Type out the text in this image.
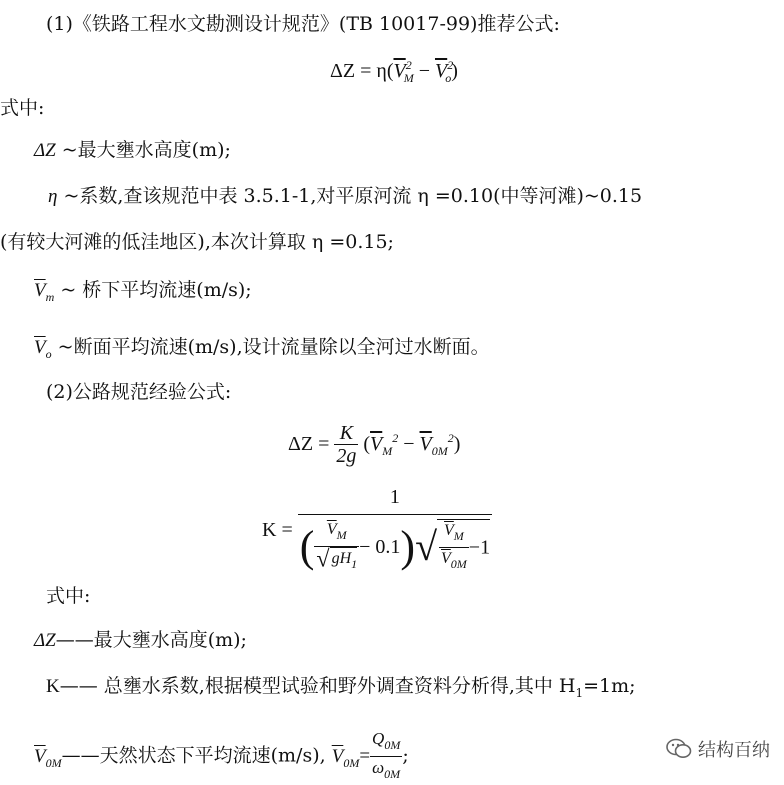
(1)《铁路工程水文勘测设计规范》(TB 10017-99)推荐公式:
$\Delta Z = \eta(\overline{V}^2_M - \overline{V}^2_o)$
式中:
ΔZ ~最大壅水高度(m);
η ~系数,查该规范中表 3.5.1-1,对平原河流 η =0.10(中等河滩)~0.15
(有较大河滩的低洼地区),本次计算取 η =0.15;
$\overline{V}_m$ ~ 桥下平均流速(m/s);
$\overline{V}_o$ ~断面平均流速(m/s),设计流量除以全河过水断面。
(2)公路规范经验公式:
$\Delta Z = \frac{K}{2g} (\overline{V}_M^2 - \overline{V}_{0M}^2)$
$K = \frac{1}{( \frac{\overline{V}_M}{√ gH_1} - 0.1)√ \frac{V_M}{\overline{V}_{0M}} -1}$
式中:
ΔZ——最大壅水高度(m);
K—— 总壅水系数,根据模型试验和野外调查资料分析得,其中 $H_1=1m$;
$\overline{V}_{0M}——$天然状态下平均流速(m/s), $\overline{V}_{0M}= \frac{Q_{0M}}{\omega_{0M}}$ ;	结构百纳
